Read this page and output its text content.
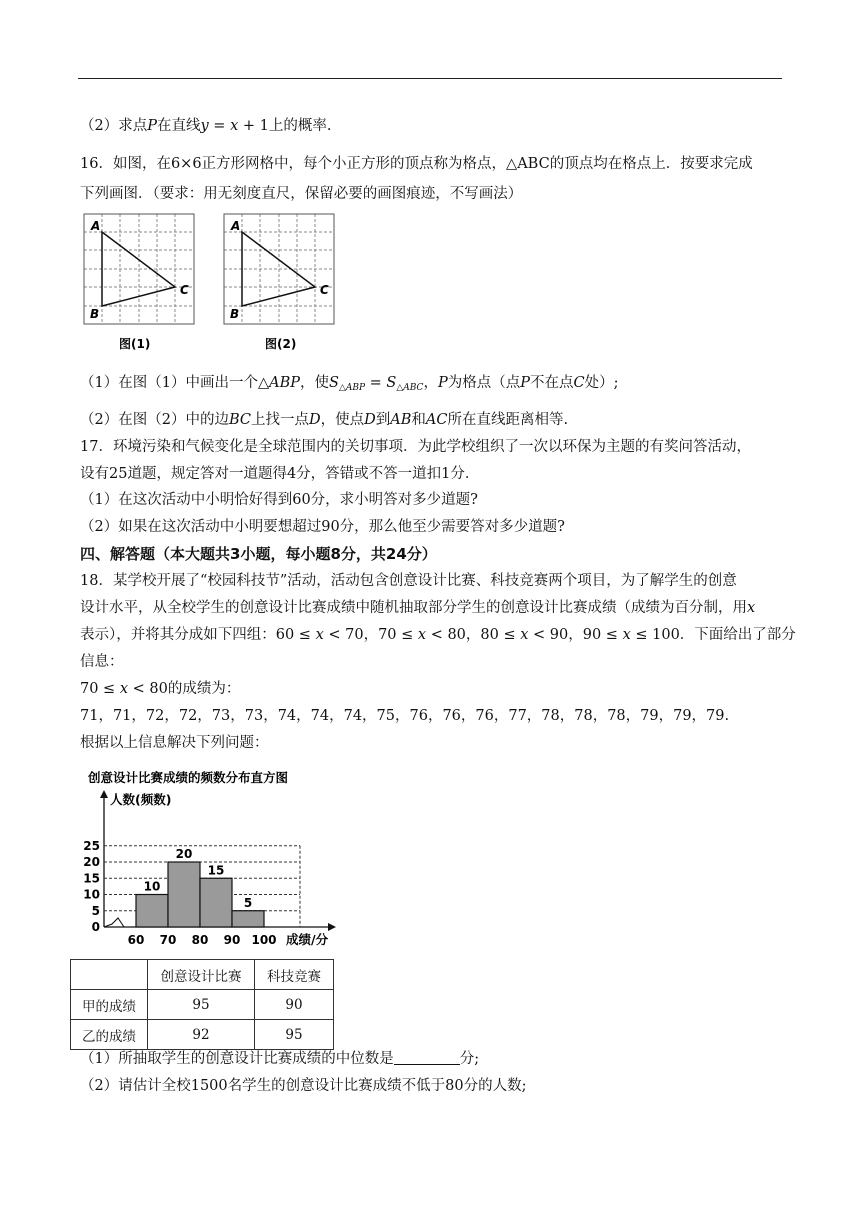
（2）求点P在直线y = x + 1上的概率.
16．如图，在6×6正方形网格中，每个小正方形的顶点称为格点，△ABC的顶点均在格点上．按要求完成
下列画图．（要求：用无刻度直尺，保留必要的画图痕迹，不写画法）
A
B
C
图(1)
A
B
C
图(2)
（1）在图（1）中画出一个△ABP，使$S_{\triangle ABP} = S_{\triangle ABC}$，P为格点（点P不在点C处）;
（2）在图（2）中的边BC上找一点D，使点D到AB和AC所在直线距离相等.
17．环境污染和气候变化是全球范围内的关切事项．为此学校组织了一次以环保为主题的有奖问答活动，
设有25道题，规定答对一道题得4分，答错或不答一道扣1分．
（1）在这次活动中小明恰好得到60分，求小明答对多少道题?
（2）如果在这次活动中小明要想超过90分，那么他至少需要答对多少道题?
四、解答题（本大题共3小题，每小题8分，共24分）
18．某学校开展了“校园科技节”活动，活动包含创意设计比赛、科技竞赛两个项目，为了解学生的创意
设计水平，从全校学生的创意设计比赛成绩中随机抽取部分学生的创意设计比赛成绩（成绩为百分制，用x
表示），并将其分成如下四组：60 ≤ x < 70，70 ≤ x < 80，80 ≤ x < 90，90 ≤ x ≤ 100．下面给出了部分
信息：
70 ≤ x < 80的成绩为：
71，71，72，72，73，73，74，74，74，75，76，76，76，77，78，78，78，79，79，79.
根据以上信息解决下列问题：
创意设计比赛成绩的频数分布直方图
人数(频数)
成绩/分
10
20
15
5
0
5
10
15
20
25
60 70 80 90 100
	创意设计比赛	科技竞赛
甲的成绩	95	90
乙的成绩	92	95
（1）所抽取学生的创意设计比赛成绩的中位数是	分;
（2）请估计全校1500名学生的创意设计比赛成绩不低于80分的人数;
